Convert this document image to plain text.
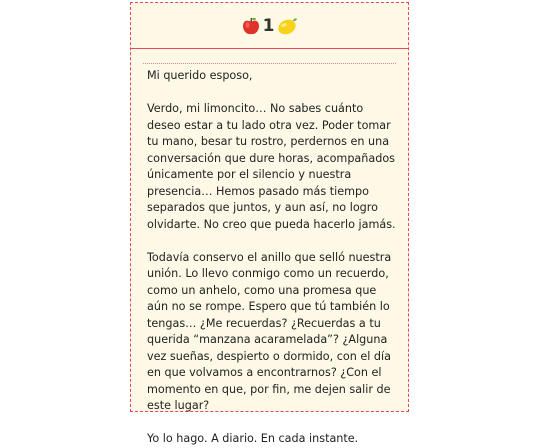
1

Mi querido esposo,

Verdo, mi limoncito… No sabes cuánto deseo estar a tu lado otra vez. Poder tomar tu mano, besar tu rostro, perdernos en una conversación que dure horas, acompañados únicamente por el silencio y nuestra presencia… Hemos pasado más tiempo separados que juntos, y aun así, no logro olvidarte. No creo que pueda hacerlo jamás.

Todavía conservo el anillo que selló nuestra unión. Lo llevo conmigo como un recuerdo, como un anhelo, como una promesa que aún no se rompe. Espero que tú también lo tengas… ¿Me recuerdas? ¿Recuerdas a tu querida “manzana acaramelada”? ¿Alguna vez sueñas, despierto o dormido, con el día en que volvamos a encontrarnos? ¿Con el momento en que, por fin, me dejen salir de este lugar?

Yo lo hago. A diario. En cada instante.
